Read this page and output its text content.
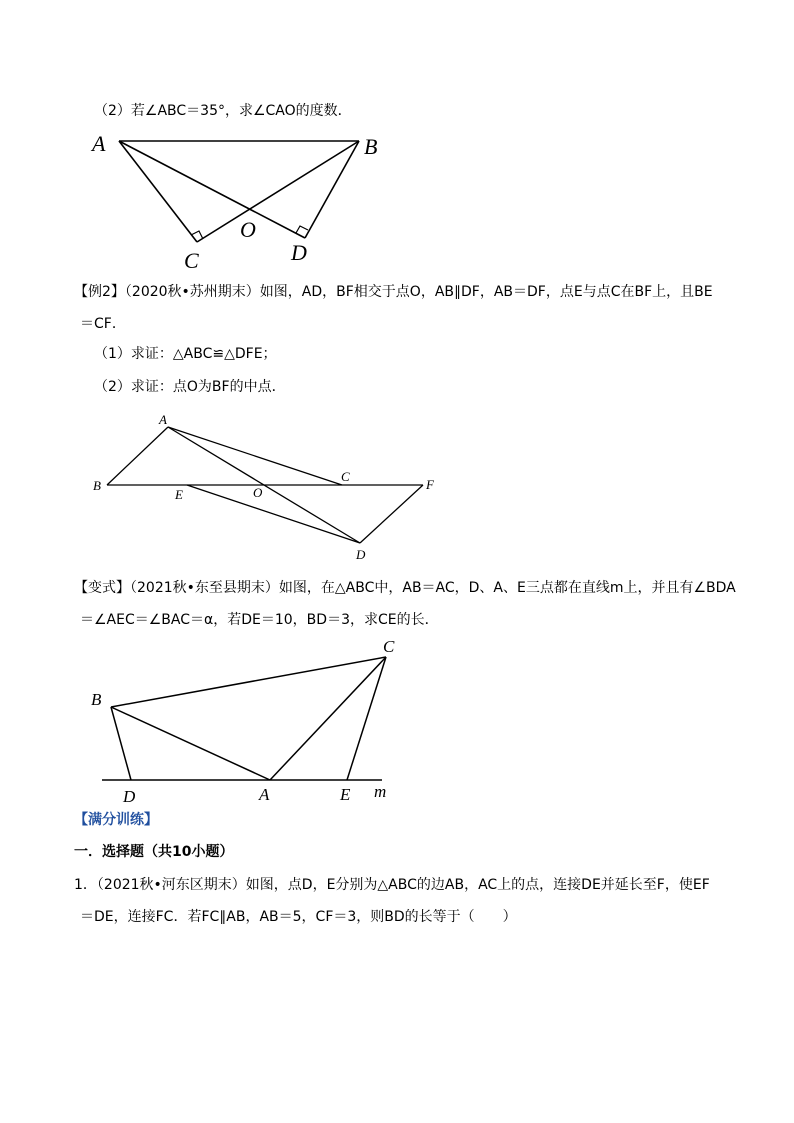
（2）若∠ABC＝35°，求∠CAO的度数．
A	B
C
O
D
【例2】（2020秋•苏州期末）如图，AD，BF相交于点O，AB∥DF，AB＝DF，点E与点C在BF上，且BE
＝CF．
（1）求证：△ABC≌△DFE；
（2）求证：点O为BF的中点．
A
B
E	O
C
F
D
【变式】（2021秋•东至县期末）如图，在△ABC中，AB＝AC，D、A、E三点都在直线m上，并且有∠BDA
＝∠AEC＝∠BAC＝α，若DE＝10，BD＝3，求CE的长．
B
C
D	A	E m
【满分训练】
一．选择题（共10小题）
1．（2021秋•河东区期末）如图，点D，E分别为△ABC的边AB，AC上的点，连接DE并延长至F，使EF
＝DE，连接FC．若FC∥AB，AB＝5，CF＝3，则BD的长等于（　　）
